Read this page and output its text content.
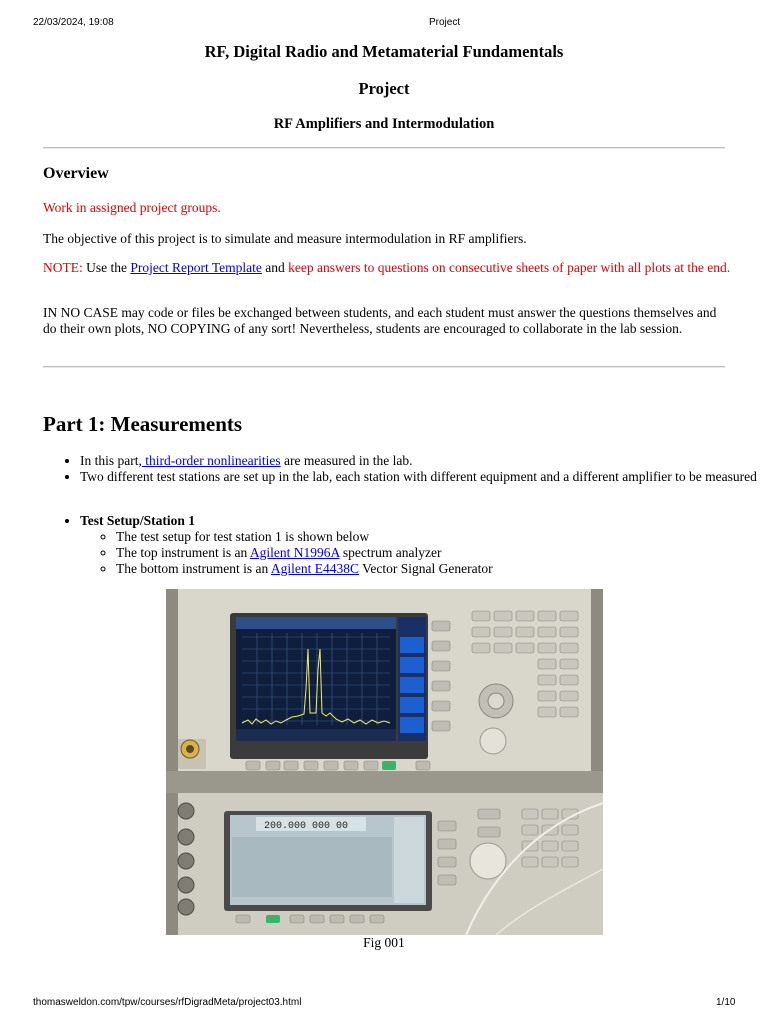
22/03/2024, 19:08	Project
RF, Digital Radio and Metamaterial Fundamentals
Project
RF Amplifiers and Intermodulation
Overview
Work in assigned project groups.
The objective of this project is to simulate and measure intermodulation in RF amplifiers.
NOTE: Use the Project Report Template and keep answers to questions on consecutive sheets of paper with all plots at the end.
IN NO CASE may code or files be exchanged between students, and each student must answer the questions themselves and do their own plots, NO COPYING of any sort! Nevertheless, students are encouraged to collaborate in the lab session.
Part 1: Measurements
• In this part, third-order nonlinearities are measured in the lab.
• Two different test stations are set up in the lab, each station with different equipment and a different amplifier to be measured
• Test Setup/Station 1
◦ The test setup for test station 1 is shown below
◦ The top instrument is an Agilent N1996A spectrum analyzer
◦ The bottom instrument is an Agilent E4438C Vector Signal Generator
200.000 000 00
Fig 001
thomasweldon.com/tpw/courses/rfDigradMeta/project03.html	1/10
